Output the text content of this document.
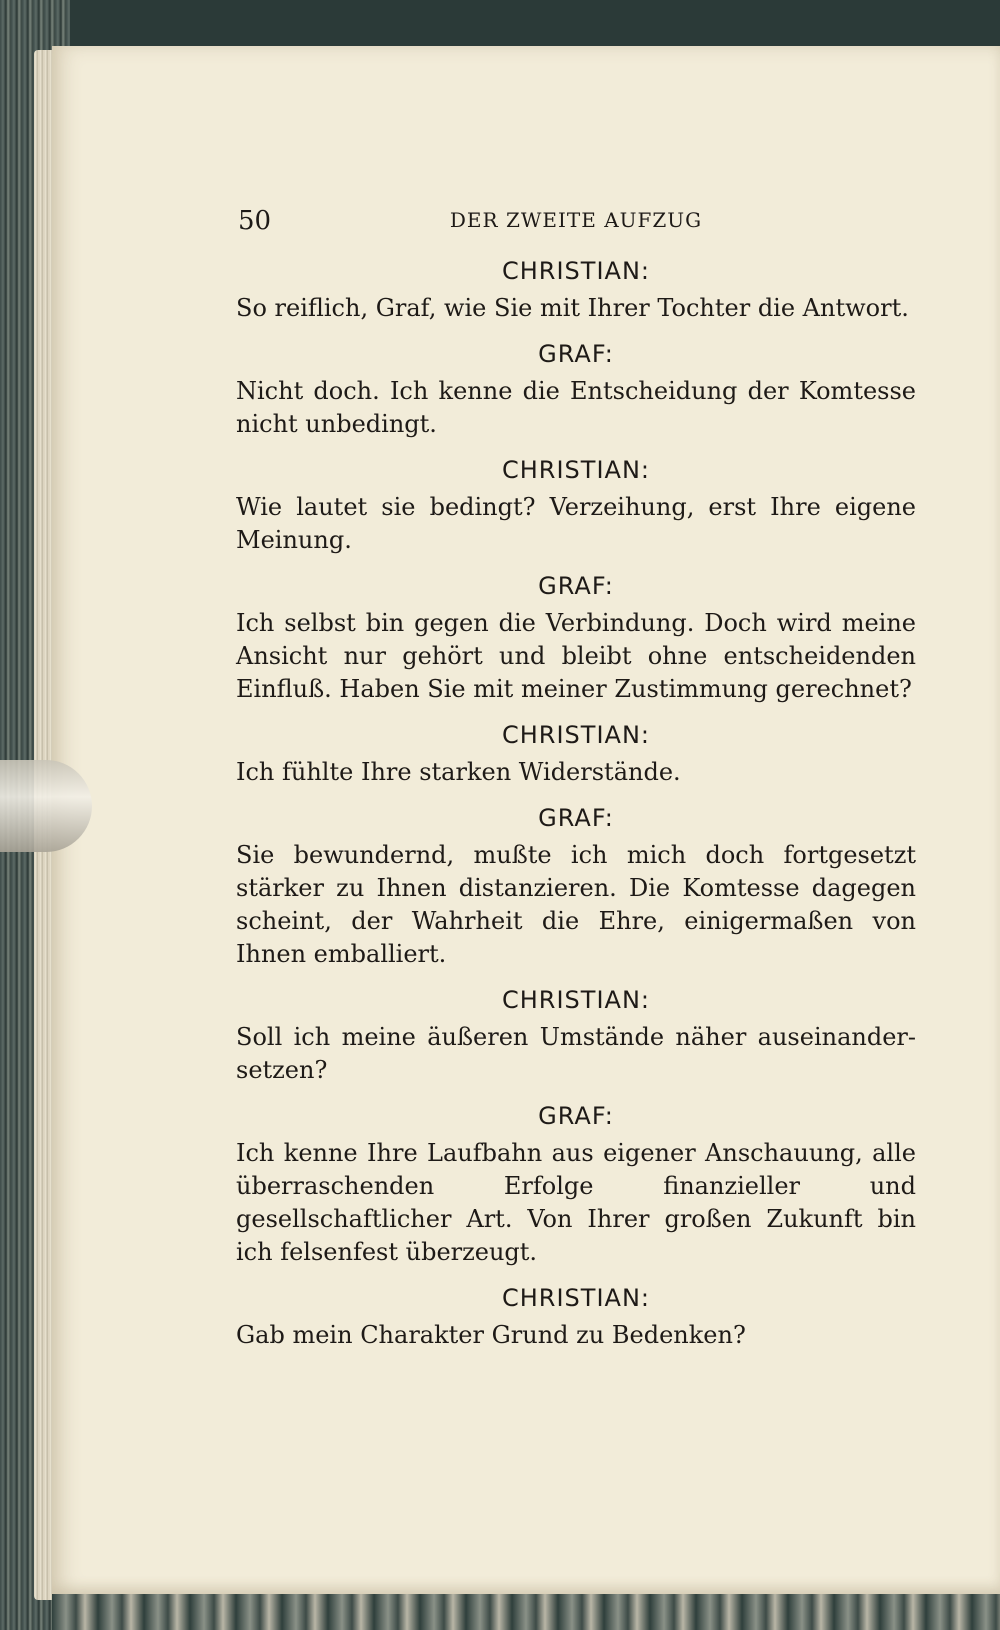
50	DER ZWEITE AUFZUG
CHRISTIAN:
So reiflich, Graf, wie Sie mit Ihrer Tochter die Antwort.
GRAF:
Nicht doch. Ich kenne die Entscheidung der Komtesse nicht unbedingt.
CHRISTIAN:
Wie lautet sie bedingt? Verzeihung, erst Ihre eigene Meinung.
GRAF:
Ich selbst bin gegen die Verbindung. Doch wird meine Ansicht nur gehört und bleibt ohne entscheidenden Einfluß. Haben Sie mit meiner Zustimmung gerechnet?
CHRISTIAN:
Ich fühlte Ihre starken Widerstände.
GRAF:
Sie bewundernd, mußte ich mich doch fortgesetzt stärker zu Ihnen distanzieren. Die Komtesse dagegen scheint, der Wahrheit die Ehre, einigermaßen von Ihnen emballiert.
CHRISTIAN:
Soll ich meine äußeren Umstände näher auseinander-setzen?
GRAF:
Ich kenne Ihre Laufbahn aus eigener Anschauung, alle überraschenden Erfolge finanzieller und gesellschaftlicher Art. Von Ihrer großen Zukunft bin ich felsenfest überzeugt.
CHRISTIAN:
Gab mein Charakter Grund zu Bedenken?
